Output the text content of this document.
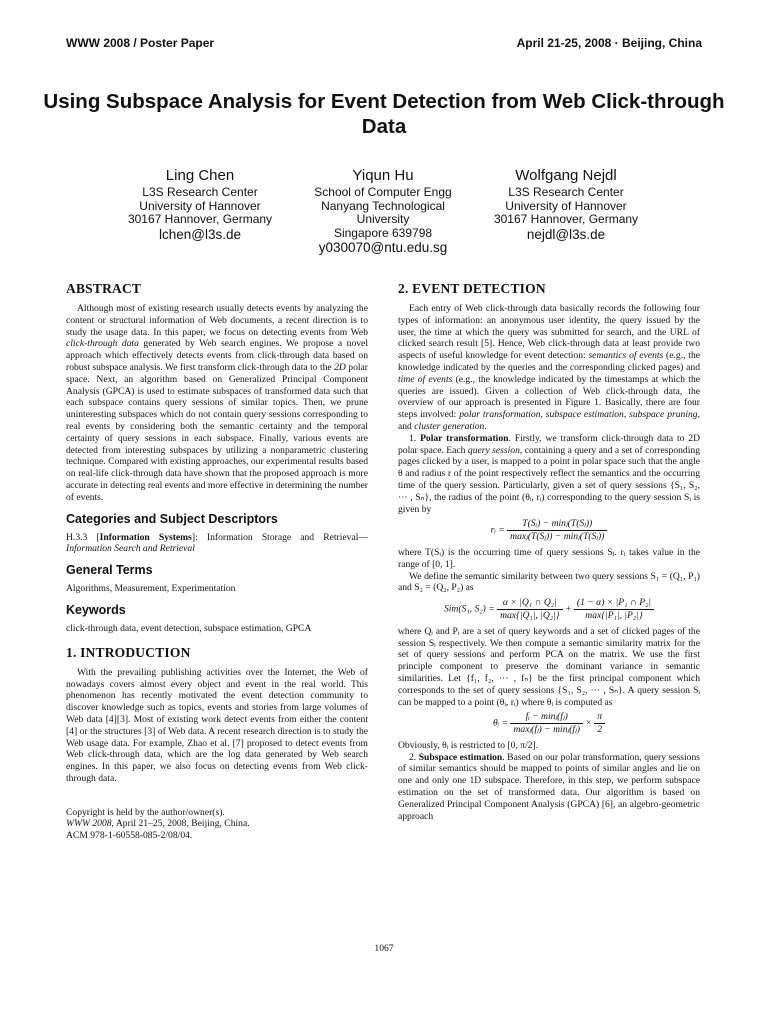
WWW 2008 / Poster Paper	April 21-25, 2008 · Beijing, China
Using Subspace Analysis for Event Detection from Web Click-through Data
Ling Chen
L3S Research Center
University of Hannover
30167 Hannover, Germany
lchen@l3s.de
Yiqun Hu
School of Computer Engg
Nanyang Technological
University
Singapore 639798
y030070@ntu.edu.sg
Wolfgang Nejdl
L3S Research Center
University of Hannover
30167 Hannover, Germany
nejdl@l3s.de
ABSTRACT

Although most of existing research usually detects events by analyzing the content or structural information of Web documents, a recent direction is to study the usage data. In this paper, we focus on detecting events from Web click-through data generated by Web search engines. We propose a novel approach which effectively detects events from click-through data based on robust subspace analysis. We first transform click-through data to the 2D polar space. Next, an algorithm based on Generalized Principal Component Analysis (GPCA) is used to estimate subspaces of transformed data such that each subspace contains query sessions of similar topics. Then, we prune uninteresting subspaces which do not contain query sessions corresponding to real events by considering both the semantic certainty and the temporal certainty of query sessions in each subspace. Finally, various events are detected from interesting subspaces by utilizing a nonparametric clustering technique. Compared with existing approaches, our experimental results based on real-life click-through data have shown that the proposed approach is more accurate in detecting real events and more effective in determining the number of events.

Categories and Subject Descriptors

H.3.3 [Information Systems]: Information Storage and Retrieval—Information Search and Retrieval

General Terms

Algorithms, Measurement, Experimentation

Keywords

click-through data, event detection, subspace estimation, GPCA

1. INTRODUCTION

With the prevailing publishing activities over the Internet, the Web of nowadays covers almost every object and event in the real world. This phenomenon has recently motivated the event detection community to discover knowledge such as topics, events and stories from large volumes of Web data [4][3]. Most of existing work detect events from either the content [4] or the structures [3] of Web data. A recent research direction is to study the Web usage data. For example, Zhao et al. [7] proposed to detect events from Web click-through data, which are the log data generated by Web search engines. In this paper, we also focus on detecting events from Web click-through data.

Copyright is held by the author/owner(s).
WWW 2008, April 21–25, 2008, Beijing, China.
ACM 978-1-60558-085-2/08/04.
2. EVENT DETECTION

Each entry of Web click-through data basically records the following four types of information: an anonymous user identity, the query issued by the user, the time at which the query was submitted for search, and the URL of clicked search result [5]. Hence, Web click-through data at least provide two aspects of useful knowledge for event detection: semantics of events (e.g., the knowledge indicated by the queries and the corresponding clicked pages) and time of events (e.g., the knowledge indicated by the timestamps at which the queries are issued). Given a collection of Web click-through data, the overview of our approach is presented in Figure 1. Basically, there are four steps involved: polar transformation, subspace estimation, subspace pruning, and cluster generation.

1. Polar transformation. Firstly, we transform click-through data to 2D polar space. Each query session, containing a query and a set of corresponding pages clicked by a user, is mapped to a point in polar space such that the angle θ and radius r of the point respectively reflect the semantics and the occurring time of the query session. Particularly, given a set of query sessions {S₁, S₂, ··· , Sₙ}, the radius of the point (θᵢ, rᵢ) corresponding to the query session Sᵢ is given by

rᵢ = $\frac{\text{T(Sᵢ) − minⱼ(T(Sⱼ))}}{\text{maxⱼ(T(Sⱼ)) − minⱼ(T(Sⱼ))}}$

where T(Sᵢ) is the occurring time of query sessions Sⱼ. rᵢ takes value in the range of [0, 1].

We define the semantic similarity between two query sessions S₁ = (Q₁, P₁) and S₂ = (Q₂, P₂) as

Sim(S₁, $S_2) = \frac{\text{α × |Q₁ ∩ Q₂|}}{\text{max\{|Q₁|, |Q₂|\}}} + \frac{\text{(1 − α) × |P₁ ∩ P₂|}}{\text{max\{|P₁|, |P₂|\}}}$

where Qᵢ and Pᵢ are a set of query keywords and a set of clicked pages of the session Sᵢ respectively. We then compute a semantic similarity matrix for the set of query sessions and perform PCA on the matrix. We use the first principle component to preserve the dominant variance in semantic similarities. Let {f₁, f₂, ··· , fₙ} be the first principal component which corresponds to the set of query sessions {S₁, S₂, ··· , Sₙ}. A query session Sᵢ can be mapped to a point (θᵢ, rᵢ) where θᵢ is computed as

θᵢ = $\frac{\text{fᵢ − minⱼ(fⱼ)}}{\text{maxⱼ(fⱼ) − minⱼ(fⱼ)}} \times \frac{\pi}{2}$

Obviously, θᵢ is restricted to [0, π/2].

2. Subspace estimation. Based on our polar transformation, query sessions of similar semantics should be mapped to points of similar angles and lie on one and only one 1D subspace. Therefore, in this step, we perform subspace estimation on the set of transformed data. Our algorithm is based on Generalized Principal Component Analysis (GPCA) [6], an algebro-geometric approach

1067
